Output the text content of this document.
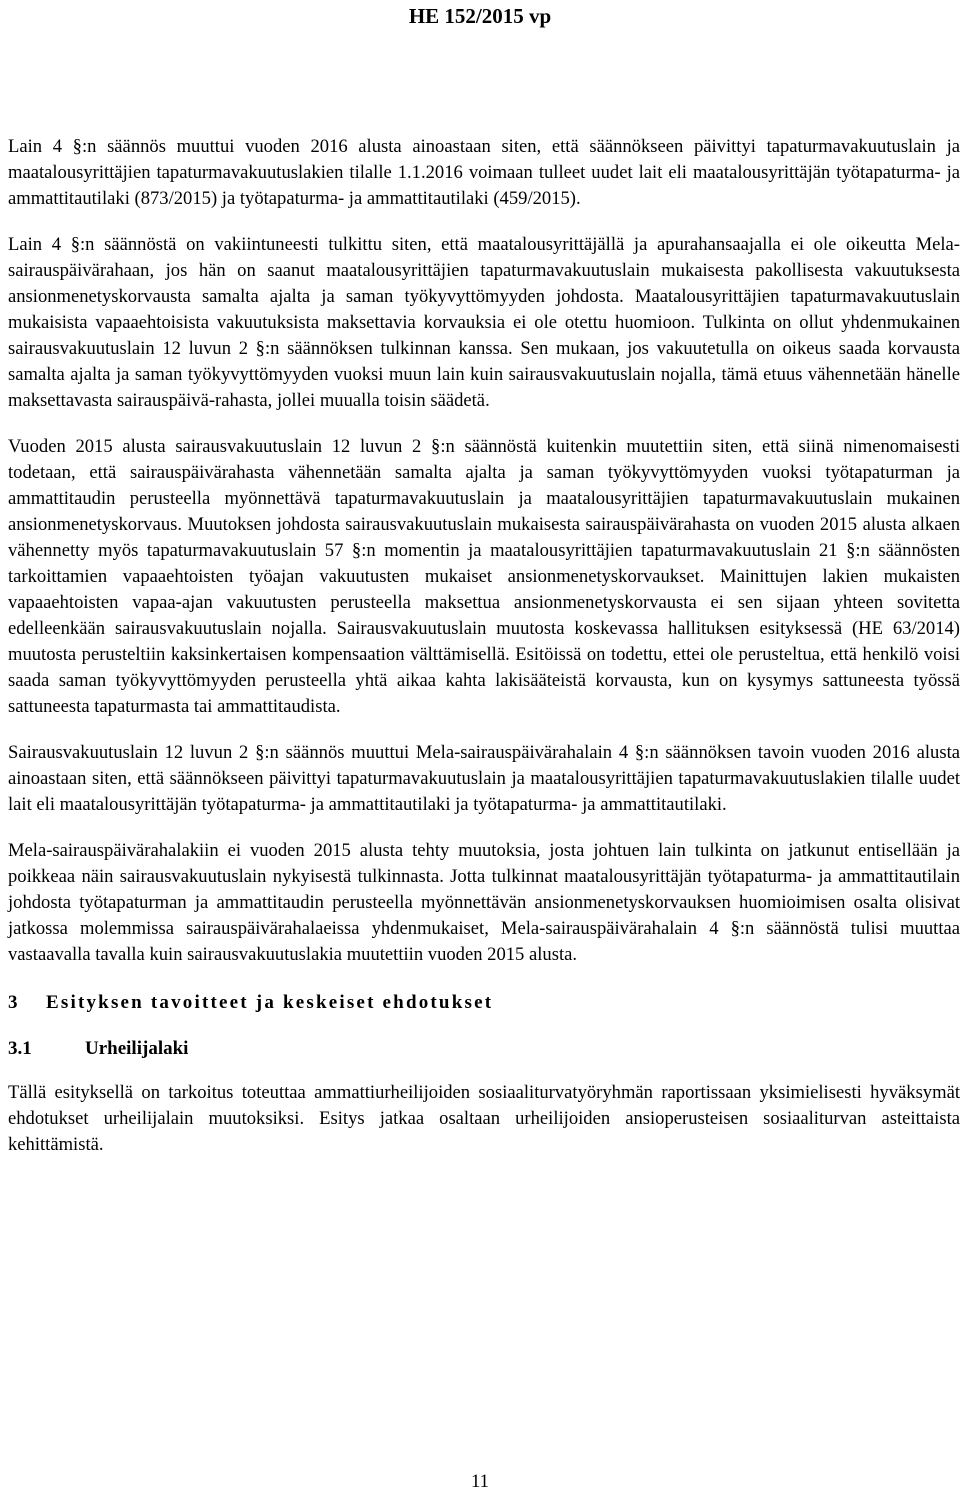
HE 152/2015 vp

Lain 4 §:n säännös muuttui vuoden 2016 alusta ainoastaan siten, että säännökseen päivittyi tapaturmavakuutuslain ja maatalousyrittäjien tapaturmavakuutuslakien tilalle 1.1.2016 voimaan tulleet uudet lait eli maatalousyrittäjän työtapaturma- ja ammattitautilaki (873/2015) ja työtapaturma- ja ammattitautilaki (459/2015).

Lain 4 §:n säännöstä on vakiintuneesti tulkittu siten, että maatalousyrittäjällä ja apurahansaajalla ei ole oikeutta Mela-sairauspäivärahaan, jos hän on saanut maatalousyrittäjien tapaturmavakuutuslain mukaisesta pakollisesta vakuutuksesta ansionmenetyskorvausta samalta ajalta ja saman työkyvyttömyyden johdosta. Maatalousyrittäjien tapaturmavakuutuslain mukaisista vapaaehtoisista vakuutuksista maksettavia korvauksia ei ole otettu huomioon. Tulkinta on ollut yhdenmukainen sairausvakuutuslain 12 luvun 2 §:n säännöksen tulkinnan kanssa. Sen mukaan, jos vakuutetulla on oikeus saada korvausta samalta ajalta ja saman työkyvyttömyyden vuoksi muun lain kuin sairausvakuutuslain nojalla, tämä etuus vähennetään hänelle maksettavasta sairauspäivä-rahasta, jollei muualla toisin säädetä.

Vuoden 2015 alusta sairausvakuutuslain 12 luvun 2 §:n säännöstä kuitenkin muutettiin siten, että siinä nimenomaisesti todetaan, että sairauspäivärahasta vähennetään samalta ajalta ja saman työkyvyttömyyden vuoksi työtapaturman ja ammattitaudin perusteella myönnettävä tapaturmavakuutuslain ja maatalousyrittäjien tapaturmavakuutuslain mukainen ansionmenetyskorvaus. Muutoksen johdosta sairausvakuutuslain mukaisesta sairauspäivärahasta on vuoden 2015 alusta alkaen vähennetty myös tapaturmavakuutuslain 57 §:n momentin ja maatalousyrittäjien tapaturmavakuutuslain 21 §:n säännösten tarkoittamien vapaaehtoisten työajan vakuutusten mukaiset ansionmenetyskorvaukset. Mainittujen lakien mukaisten vapaaehtoisten vapaa-ajan vakuutusten perusteella maksettua ansionmenetyskorvausta ei sen sijaan yhteen sovitetta edelleenkään sairausvakuutuslain nojalla. Sairausvakuutuslain muutosta koskevassa hallituksen esityksessä (HE 63/2014) muutosta perusteltiin kaksinkertaisen kompensaation välttämisellä. Esitöissä on todettu, ettei ole perusteltua, että henkilö voisi saada saman työkyvyttömyyden perusteella yhtä aikaa kahta lakisääteistä korvausta, kun on kysymys sattuneesta työssä sattuneesta tapaturmasta tai ammattitaudista.

Sairausvakuutuslain 12 luvun 2 §:n säännös muuttui Mela-sairauspäivärahalain 4 §:n säännöksen tavoin vuoden 2016 alusta ainoastaan siten, että säännökseen päivittyi tapaturmavakuutuslain ja maatalousyrittäjien tapaturmavakuutuslakien tilalle uudet lait eli maatalousyrittäjän työtapaturma- ja ammattitautilaki ja työtapaturma- ja ammattitautilaki.

Mela-sairauspäivärahalakiin ei vuoden 2015 alusta tehty muutoksia, josta johtuen lain tulkinta on jatkunut entisellään ja poikkeaa näin sairausvakuutuslain nykyisestä tulkinnasta. Jotta tulkinnat maatalousyrittäjän työtapaturma- ja ammattitautilain johdosta työtapaturman ja ammattitaudin perusteella myönnettävän ansionmenetyskorvauksen huomioimisen osalta olisivat jatkossa molemmissa sairauspäivärahalaeissa yhdenmukaiset, Mela-sairauspäivärahalain 4 §:n säännöstä tulisi muuttaa vastaavalla tavalla kuin sairausvakuutuslakia muutettiin vuoden 2015 alusta.

3 Esityksen tavoitteet ja keskeiset ehdotukset
3.1	Urheilijalaki

Tällä esityksellä on tarkoitus toteuttaa ammattiurheilijoiden sosiaaliturvatyöryhmän raportissaan yksimielisesti hyväksymät ehdotukset urheilijalain muutoksiksi. Esitys jatkaa osaltaan urheilijoiden ansioperusteisen sosiaaliturvan asteittaista kehittämistä.

11
